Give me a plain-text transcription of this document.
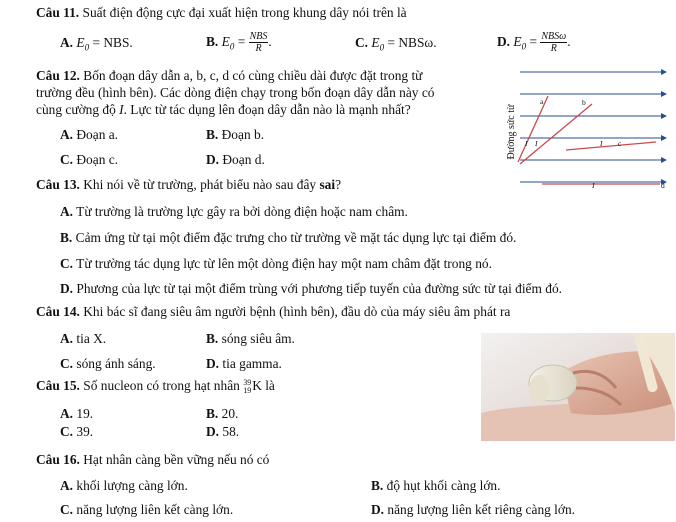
Câu 11. Suất điện động cực đại xuất hiện trong khung dây nói trên là
A. $E_0$ = NBS.	B. $E_0 = \frac{\text{NBS}}{R}$ .	C. $E_0 = NBS\omega$.	D. $E_0 = \frac{\text{NBSω}}{R}$ .
Câu 12. Bốn đoạn dây dẫn a, b, c, d có cùng chiều dài được đặt trong từ
trường đều (hình bên). Các dòng điện chạy trong bốn đoạn dây dẫn này có
cùng cường độ I. Lực từ tác dụng lên đoạn dây dẫn nào là mạnh nhất?
A. Đoạn a.	B. Đoạn b.
C. Đoạn c.	D. Đoạn d.
a	b
c
d
I I	I
I
Đường sức từ
Câu 13. Khi nói về từ trường, phát biểu nào sau đây sai?
A. Từ trường là trường lực gây ra bởi dòng điện hoặc nam châm.
B. Cảm ứng từ tại một điểm đặc trưng cho từ trường về mặt tác dụng lực tại điểm đó.
C. Từ trường tác dụng lực từ lên một dòng điện hay một nam châm đặt trong nó.
D. Phương của lực từ tại một điểm trùng với phương tiếp tuyến của đường sức từ tại điểm đó.
Câu 14. Khi bác sĩ đang siêu âm người bệnh (hình bên), đầu dò của máy siêu âm phát ra
A. tia X.	B. sóng siêu âm.
C. sóng ánh sáng.	D. tia gamma.
Câu 15. Số nucleon có trong hạt nhân 39
19 K là
A. 19.	B. 20.
C. 39.	D. 58.
Câu 16. Hạt nhân càng bền vững nếu nó có
A. khối lượng càng lớn.	B. độ hụt khối càng lớn.
C. năng lượng liên kết càng lớn.	D. năng lượng liên kết riêng càng lớn.
